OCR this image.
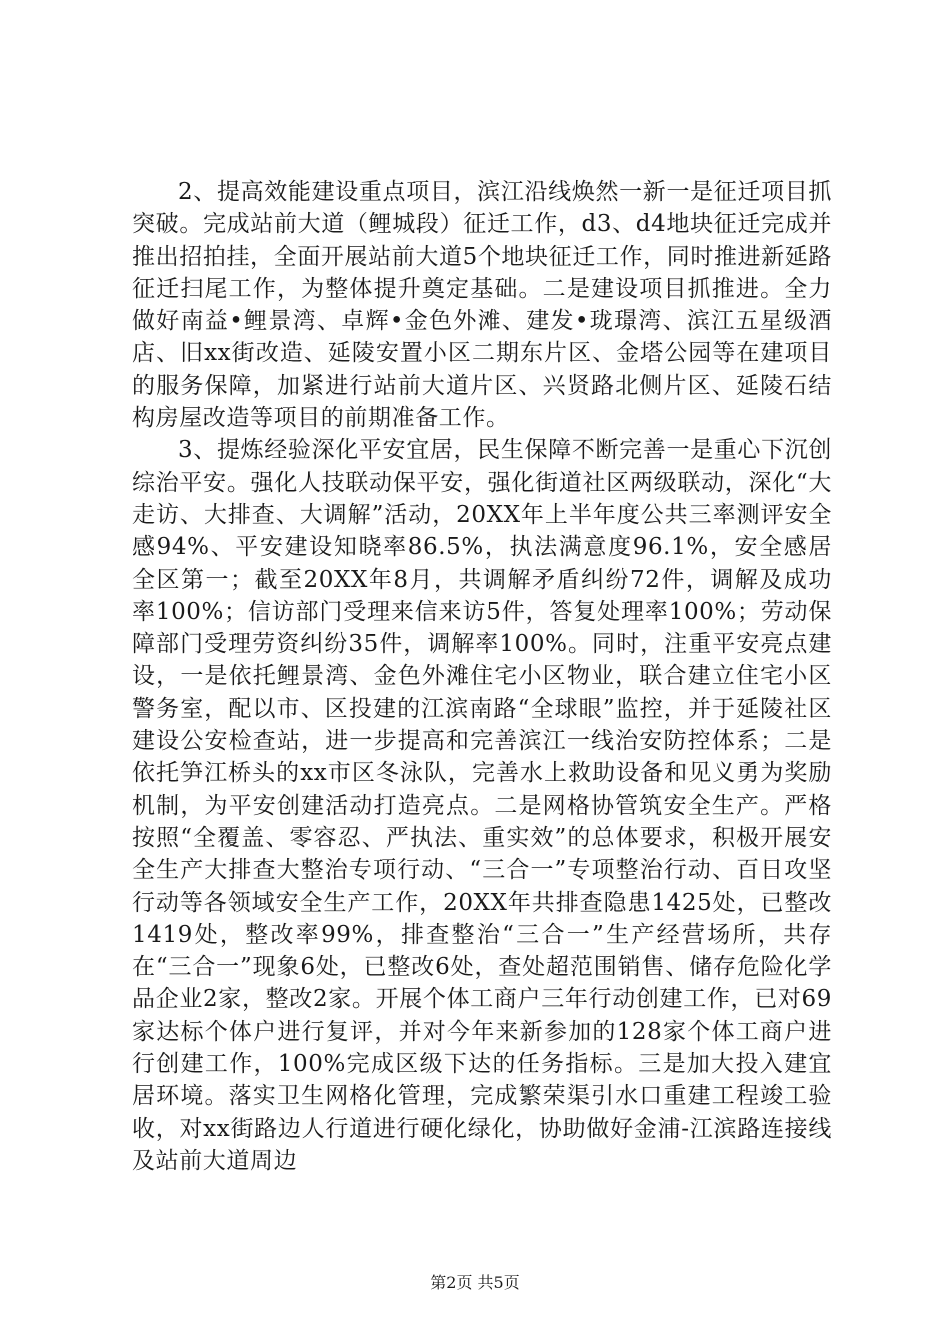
2、提高效能建设重点项目，滨江沿线焕然一新一是征迁项目抓突破。完成站前大道（鲤城段）征迁工作，d3、d4地块征迁完成并推出招拍挂，全面开展站前大道5个地块征迁工作，同时推进新延路征迁扫尾工作，为整体提升奠定基础。二是建设项目抓推进。全力做好南益•鲤景湾、卓辉•金色外滩、建发•珑璟湾、滨江五星级酒店、旧xx街改造、延陵安置小区二期东片区、金塔公园等在建项目的服务保障，加紧进行站前大道片区、兴贤路北侧片区、延陵石结构房屋改造等项目的前期准备工作。

3、提炼经验深化平安宜居，民生保障不断完善一是重心下沉创综治平安。强化人技联动保平安，强化街道社区两级联动，深化“大走访、大排查、大调解”活动，20XX年上半年度公共三率测评安全感94%、平安建设知晓率86.5%，执法满意度96.1%，安全感居全区第一；截至20XX年8月，共调解矛盾纠纷72件，调解及成功率100%；信访部门受理来信来访5件，答复处理率100%；劳动保障部门受理劳资纠纷35件，调解率100%。同时，注重平安亮点建设，一是依托鲤景湾、金色外滩住宅小区物业，联合建立住宅小区警务室，配以市、区投建的江滨南路“全球眼”监控，并于延陵社区建设公安检查站，进一步提高和完善滨江一线治安防控体系；二是依托笋江桥头的xx市区冬泳队，完善水上救助设备和见义勇为奖励机制，为平安创建活动打造亮点。二是网格协管筑安全生产。严格按照“全覆盖、零容忍、严执法、重实效”的总体要求，积极开展安全生产大排查大整治专项行动、“三合一”专项整治行动、百日攻坚行动等各领域安全生产工作，20XX年共排查隐患1425处，已整改1419处，整改率99%，排查整治“三合一”生产经营场所，共存在“三合一”现象6处，已整改6处，查处超范围销售、储存危险化学品企业2家，整改2家。开展个体工商户三年行动创建工作，已对69家达标个体户进行复评，并对今年来新参加的128家个体工商户进行创建工作，100%完成区级下达的任务指标。三是加大投入建宜居环境。落实卫生网格化管理，完成繁荣渠引水口重建工程竣工验收，对xx街路边人行道进行硬化绿化，协助做好金浦-江滨路连接线及站前大道周边

第2页 共5页
